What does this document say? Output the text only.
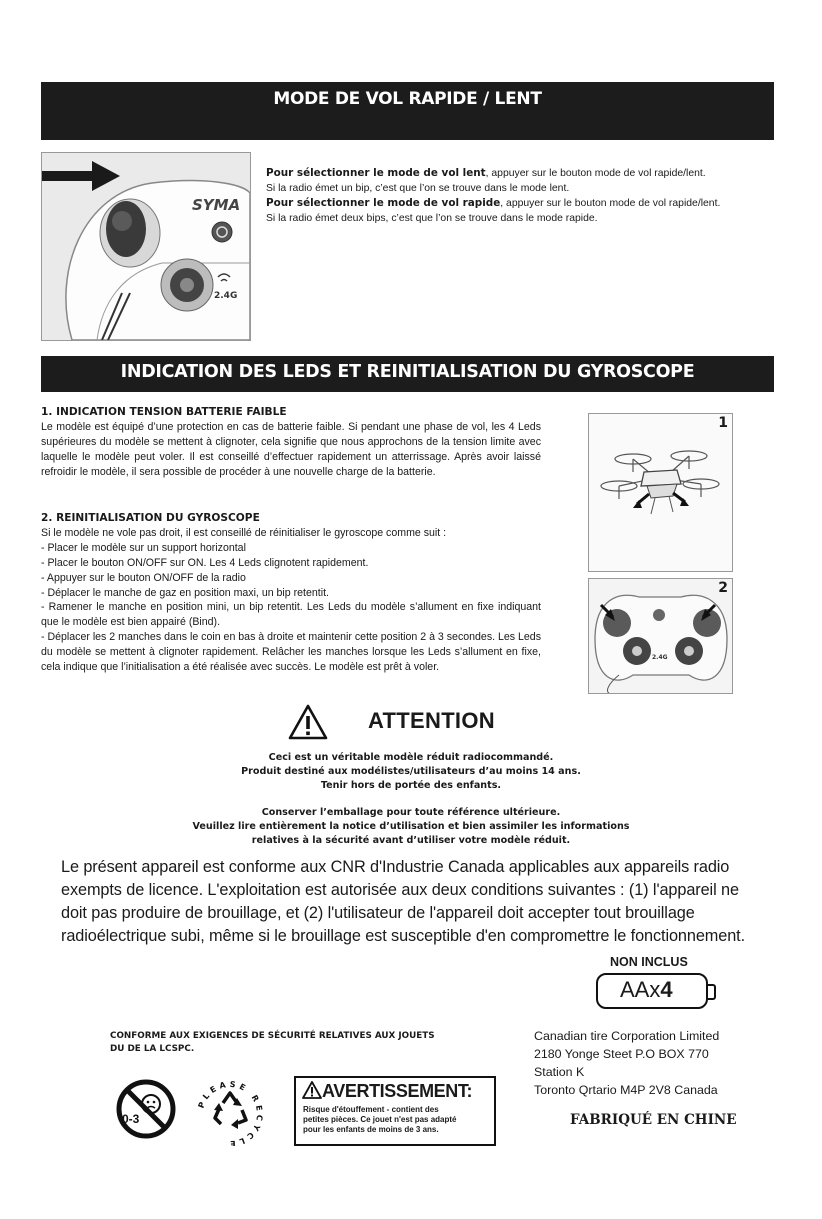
MODE DE VOL RAPIDE / LENT
SYMA
2.4G

Pour sélectionner le mode de vol lent, appuyer sur le bouton mode de vol rapide/lent.

Si la radio émet un bip, c’est que l’on se trouve dans le mode lent.

Pour sélectionner le mode de vol rapide, appuyer sur le bouton mode de vol rapide/lent.

Si la radio émet deux bips, c’est que l’on se trouve dans le mode rapide.

INDICATION DES LEDS ET REINITIALISATION DU GYROSCOPE
1. INDICATION TENSION BATTERIE FAIBLE

Le modèle est équipé d’une protection en cas de batterie faible. Si pendant une phase de vol, les 4 Leds supérieures du modèle se mettent à clignoter, cela signifie que nous approchons de la tension limite avec laquelle le modèle peut voler. Il est conseillé d’effectuer rapidement un atterrissage. Après avoir laissé refroidir le modèle, il sera possible de procéder à une nouvelle charge de la batterie.

2. REINITIALISATION DU GYROSCOPE

Si le modèle ne vole pas droit, il est conseillé de réinitialiser le gyroscope comme suit :

- Placer le modèle sur un support horizontal

- Placer le bouton ON/OFF sur ON. Les 4 Leds clignotent rapidement.

- Appuyer sur le bouton ON/OFF de la radio

- Déplacer le manche de gaz en position maxi, un bip retentit.

- Ramener le manche en position mini, un bip retentit. Les Leds du modèle s’allument en fixe indiquant que le modèle est bien appairé (Bind).

- Déplacer les 2 manches dans le coin en bas à droite et maintenir cette position 2 à 3 secondes. Les Leds du modèle se mettent à clignoter rapidement. Relâcher les manches lorsque les Leds s’allument en fixe, cela indique que l’initialisation a été réalisée avec succès. Le modèle est prêt à voler.

1
2
2.4G
ATTENTION
Ceci est un véritable modèle réduit radiocommandé.
Produit destiné aux modélistes/utilisateurs d’au moins 14 ans.
Tenir hors de portée des enfants.
Conserver l’emballage pour toute référence ultérieure.
Veuillez lire entièrement la notice d’utilisation et bien assimiler les informations
relatives à la sécurité avant d’utiliser votre modèle réduit.
Le présent appareil est conforme aux CNR d'Industrie Canada applicables aux appareils radio
exempts de licence. L'exploitation est autorisée aux deux conditions suivantes : (1) l'appareil ne
doit pas produire de brouillage, et (2) l'utilisateur de l'appareil doit accepter tout brouillage
radioélectrique subi, même si le brouillage est susceptible d'en compromettre le fonctionnement.
NON INCLUS
AAx4
CONFORME AUX EXIGENCES DE SÉCURITÉ RELATIVES AUX JOUETS
DU DE LA LCSPC.
Canadian tire Corporation Limited
2180 Yonge Steet P.O BOX 770
Station K
Toronto Qrtario M4P 2V8 Canada
FABRIQUÉ EN CHINE
0-3
PLEASE RECYCLE
AVERTISSEMENT:
Risque d'étouffement - contient des
petites pièces. Ce jouet n'est pas adapté
pour les enfants de moins de 3 ans.
